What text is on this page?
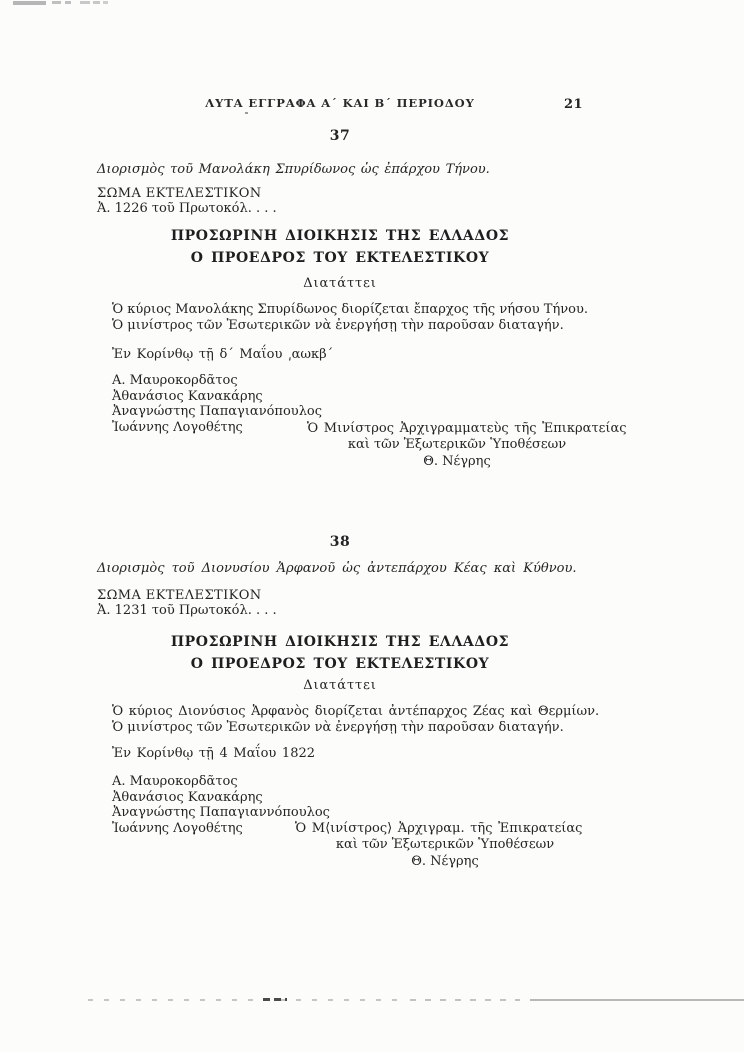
ΛΥΤΑ ΕΓΓΡΑΦΑ Α´ ΚΑΙ Β´ ΠΕΡΙΟΔΟΥ	21
37
Διορισμὸς τοῦ Μανολάκη Σπυρίδωνος ὡς ἐπάρχου Τήνου.
ΣΩΜΑ ΕΚΤΕΛΕΣΤΙΚΟΝ
Ἀ. 1226 τοῦ Πρωτοκόλ. . . .
ΠΡΟΣΩΡΙΝΗ ΔΙΟΙΚΗΣΙΣ ΤΗΣ ΕΛΛΑΔΟΣ
Ο ΠΡΟΕΔΡΟΣ ΤΟΥ ΕΚΤΕΛΕΣΤΙΚΟΥ
Διατάττει
Ὁ κύριος Μανολάκης Σπυρίδωνος διορίζεται ἔπαρχος τῆς νήσου Τήνου.
Ὁ μινίστρος τῶν Ἐσωτερικῶν νὰ ἐνεργήσῃ τὴν παροῦσαν διαταγήν.
Ἐν Κορίνθῳ τῇ δ´ Μαΐου ͵αωκβ´
Α. Μαυροκορδᾶτος
Ἀθανάσιος Κανακάρης
Ἀναγνώστης Παπαγιανόπουλος
Ἰωάννης Λογοθέτης	Ὁ Μινίστρος Ἀρχιγραμματεὺς τῆς Ἐπικρατείας
καὶ τῶν Ἐξωτερικῶν Ὑποθέσεων
Θ. Νέγρης
38
Διορισμὸς τοῦ Διονυσίου Ἀρφανοῦ ὡς ἀντεπάρχου Κέας καὶ Κύθνου.
ΣΩΜΑ ΕΚΤΕΛΕΣΤΙΚΟΝ
Ἀ. 1231 τοῦ Πρωτοκόλ. . . .
ΠΡΟΣΩΡΙΝΗ ΔΙΟΙΚΗΣΙΣ ΤΗΣ ΕΛΛΑΔΟΣ
Ο ΠΡΟΕΔΡΟΣ ΤΟΥ ΕΚΤΕΛΕΣΤΙΚΟΥ
Διατάττει
Ὁ κύριος Διονύσιος Ἀρφανὸς διορίζεται ἀντέπαρχος Ζέας καὶ Θερμίων.
Ὁ μινίστρος τῶν Ἐσωτερικῶν νὰ ἐνεργήσῃ τὴν παροῦσαν διαταγήν.
Ἐν Κορίνθῳ τῇ 4 Μαΐου 1822
Α. Μαυροκορδᾶτος
Ἀθανάσιος Κανακάρης
Ἀναγνώστης Παπαγιαννόπουλος
Ἰωάννης Λογοθέτης	Ὁ Μ⟨ινίστρος⟩ Ἀρχιγραμ. τῆς Ἐπικρατείας
καὶ τῶν Ἐξωτερικῶν Ὑποθέσεων
Θ. Νέγρης
